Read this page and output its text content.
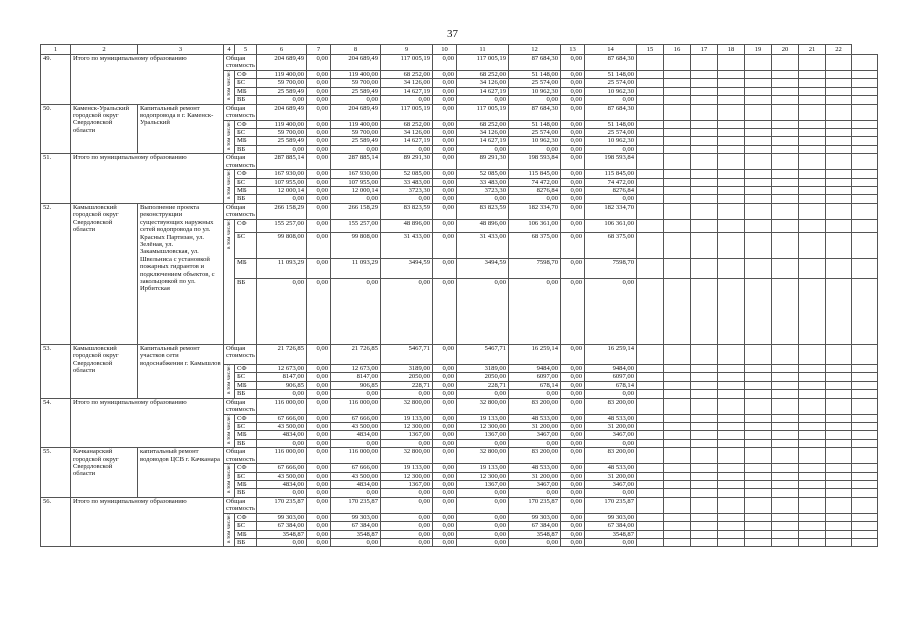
37
1	2	3	4	5	6	7	8	9	10	11	12	13	14	15	16	17	18	19	20	21	22	
49.	Итого по муниципальному образованию		Общая стоимость		204 689,49	0,00	204 689,49	117 005,19	0,00	117 005,19	87 684,30	0,00	87 684,30									

			в том числе:	СФ	119 400,00	0,00	119 400,00	68 252,00	0,00	68 252,00	51 148,00	0,00	51 148,00									
				БС	59 700,00	0,00	59 700,00	34 126,00	0,00	34 126,00	25 574,00	0,00	25 574,00									
				МБ	25 589,49	0,00	25 589,49	14 627,19	0,00	14 627,19	10 962,30	0,00	10 962,30									
				ВБ	0,00	0,00	0,00	0,00	0,00	0,00	0,00	0,00	0,00									
50.	Каменск-Уральский городской округ Свердловской области	Капитальный ремонт водопровода в г. Каменск-Уральский	Общая стоимость		204 689,49	0,00	204 689,49	117 005,19	0,00	117 005,19	87 684,30	0,00	87 684,30									

			в том числе:	СФ	119 400,00	0,00	119 400,00	68 252,00	0,00	68 252,00	51 148,00	0,00	51 148,00									
				БС	59 700,00	0,00	59 700,00	34 126,00	0,00	34 126,00	25 574,00	0,00	25 574,00									
				МБ	25 589,49	0,00	25 589,49	14 627,19	0,00	14 627,19	10 962,30	0,00	10 962,30									
				ВБ	0,00	0,00	0,00	0,00	0,00	0,00	0,00	0,00	0,00									
51.	Итого по муниципальному образованию		Общая стоимость		287 885,14	0,00	287 885,14	89 291,30	0,00	89 291,30	198 593,84	0,00	198 593,84									

			в том числе:	СФ	167 930,00	0,00	167 930,00	52 085,00	0,00	52 085,00	115 845,00	0,00	115 845,00									
				БС	107 955,00	0,00	107 955,00	33 483,00	0,00	33 483,00	74 472,00	0,00	74 472,00									
				МБ	12 000,14	0,00	12 000,14	3723,30	0,00	3723,30	8276,84	0,00	8276,84									
				ВБ	0,00	0,00	0,00	0,00	0,00	0,00	0,00	0,00	0,00									
52.	Камышловский городской округ Свердловской области	Выполнение проекта реконструкции существующих наружных сетей водопровода по ул. Красных Партизан, ул. Зелёная, ул. Закамышловская, ул. Швельниса с установкой пожарных гидрантов и подключением объектов, с закольцовкой по ул. Ирбитская	Общая стоимость		266 158,29	0,00	266 158,29	83 823,59	0,00	83 823,59	182 334,70	0,00	182 334,70									

			в том числе:	СФ	155 257,00	0,00	155 257,00	48 896,00	0,00	48 896,00	106 361,00	0,00	106 361,00									
				БС	99 808,00	0,00	99 808,00	31 433,00	0,00	31 433,00	68 375,00	0,00	68 375,00									
				МБ	11 093,29	0,00	11 093,29	3494,59	0,00	3494,59	7598,70	0,00	7598,70									
				ВБ	0,00	0,00	0,00	0,00	0,00	0,00	0,00	0,00	0,00									
53.	Камышловский городской округ Свердловской области	Капитальный ремонт участков сети водоснабжения г. Камышлов	Общая стоимость		21 726,85	0,00	21 726,85	5467,71	0,00	5467,71	16 259,14	0,00	16 259,14									

			в том числе:	СФ	12 673,00	0,00	12 673,00	3189,00	0,00	3189,00	9484,00	0,00	9484,00									
				БС	8147,00	0,00	8147,00	2050,00	0,00	2050,00	6097,00	0,00	6097,00									
				МБ	906,85	0,00	906,85	228,71	0,00	228,71	678,14	0,00	678,14									
				ВБ	0,00	0,00	0,00	0,00	0,00	0,00	0,00	0,00	0,00									
54.	Итого по муниципальному образованию		Общая стоимость		116 000,00	0,00	116 000,00	32 800,00	0,00	32 800,00	83 200,00	0,00	83 200,00									

			в том числе:	СФ	67 666,00	0,00	67 666,00	19 133,00	0,00	19 133,00	48 533,00	0,00	48 533,00									
				БС	43 500,00	0,00	43 500,00	12 300,00	0,00	12 300,00	31 200,00	0,00	31 200,00									
				МБ	4834,00	0,00	4834,00	1367,00	0,00	1367,00	3467,00	0,00	3467,00									
				ВБ	0,00	0,00	0,00	0,00	0,00	0,00	0,00	0,00	0,00									
55.	Качканарский городской округ Свердловской области	капитальный ремонт водоводов ЦСВ г. Качканара	Общая стоимость		116 000,00	0,00	116 000,00	32 800,00	0,00	32 800,00	83 200,00	0,00	83 200,00									

			в том числе:	СФ	67 666,00	0,00	67 666,00	19 133,00	0,00	19 133,00	48 533,00	0,00	48 533,00									
				БС	43 500,00	0,00	43 500,00	12 300,00	0,00	12 300,00	31 200,00	0,00	31 200,00									
				МБ	4834,00	0,00	4834,00	1367,00	0,00	1367,00	3467,00	0,00	3467,00									
				ВБ	0,00	0,00	0,00	0,00	0,00	0,00	0,00	0,00	0,00									
56.	Итого по муниципальному образованию		Общая стоимость		170 235,87	0,00	170 235,87	0,00	0,00	0,00	170 235,87	0,00	170 235,87									

			в том числе:	СФ	99 303,00	0,00	99 303,00	0,00	0,00	0,00	99 303,00	0,00	99 303,00									
				БС	67 384,00	0,00	67 384,00	0,00	0,00	0,00	67 384,00	0,00	67 384,00									
				МБ	3548,87	0,00	3548,87	0,00	0,00	0,00	3548,87	0,00	3548,87									
				ВБ	0,00	0,00	0,00	0,00	0,00	0,00	0,00	0,00	0,00									
